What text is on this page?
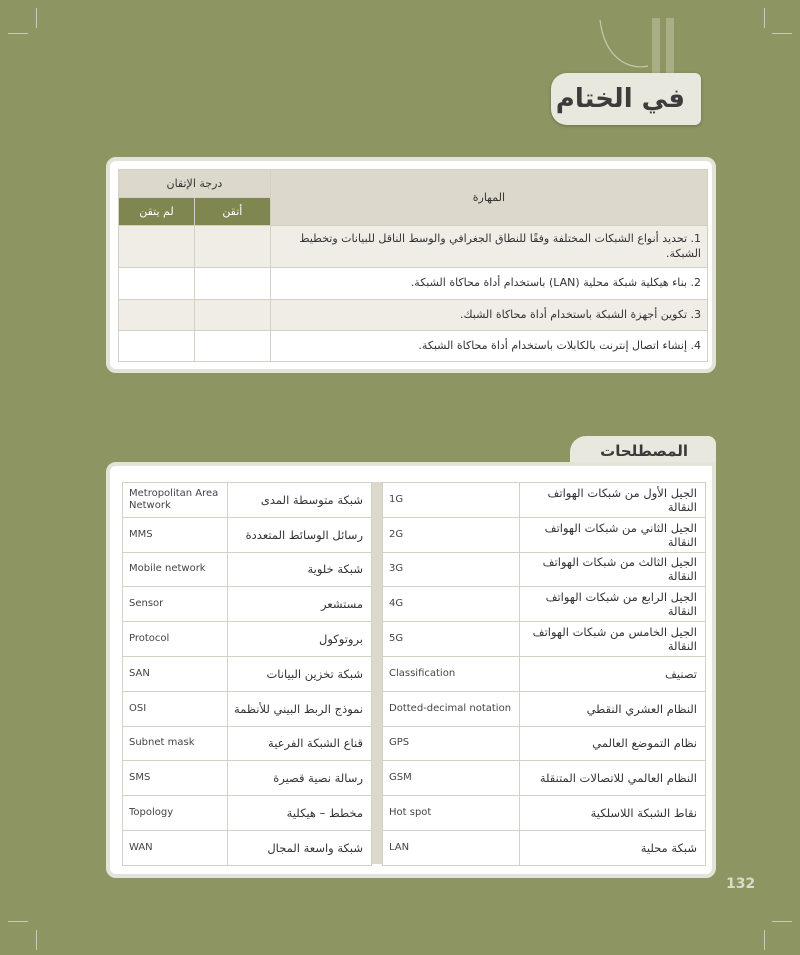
في الختام
المهارة	درجة الإتقان	
	أتقن	لم يتقن
1. تحديد أنواع الشبكات المختلفة وفقًا للنطاق الجغرافي والوسط الناقل للبيانات وتخطيط الشبكة.		
2. بناء هيكلية شبكة محلية (LAN) باستخدام أداة محاكاة الشبكة.		
3. تكوين أجهزة الشبكة باستخدام أداة محاكاة الشبك.		
4. إنشاء اتصال إنترنت بالكابلات باستخدام أداة محاكاة الشبكة.		
المصطلحات
الجيل الأول من شبكات الهواتف النقالة	1G
الجيل الثاني من شبكات الهواتف النقالة	2G
الجيل الثالث من شبكات الهواتف النقالة	3G
الجيل الرابع من شبكات الهواتف النقالة	4G
الجيل الخامس من شبكات الهواتف النقالة	5G
تصنيف	Classification
النظام العشري النقطي	Dotted-decimal notation
نظام التموضع العالمي	GPS
النظام العالمي للاتصالات المتنقلة	GSM
نقاط الشبكة اللاسلكية	Hot spot
شبكة محلية	LAN
شبكة متوسطة المدى	Metropolitan Area Network
رسائل الوسائط المتعددة	MMS
شبكة خلوية	Mobile network
مستشعر	Sensor
بروتوكول	Protocol
شبكة تخزين البيانات	SAN
نموذج الربط البيني للأنظمة	OSI
قناع الشبكة الفرعية	Subnet mask
رسالة نصية قصيرة	SMS
مخطط – هيكلية	Topology
شبكة واسعة المجال	WAN
132
